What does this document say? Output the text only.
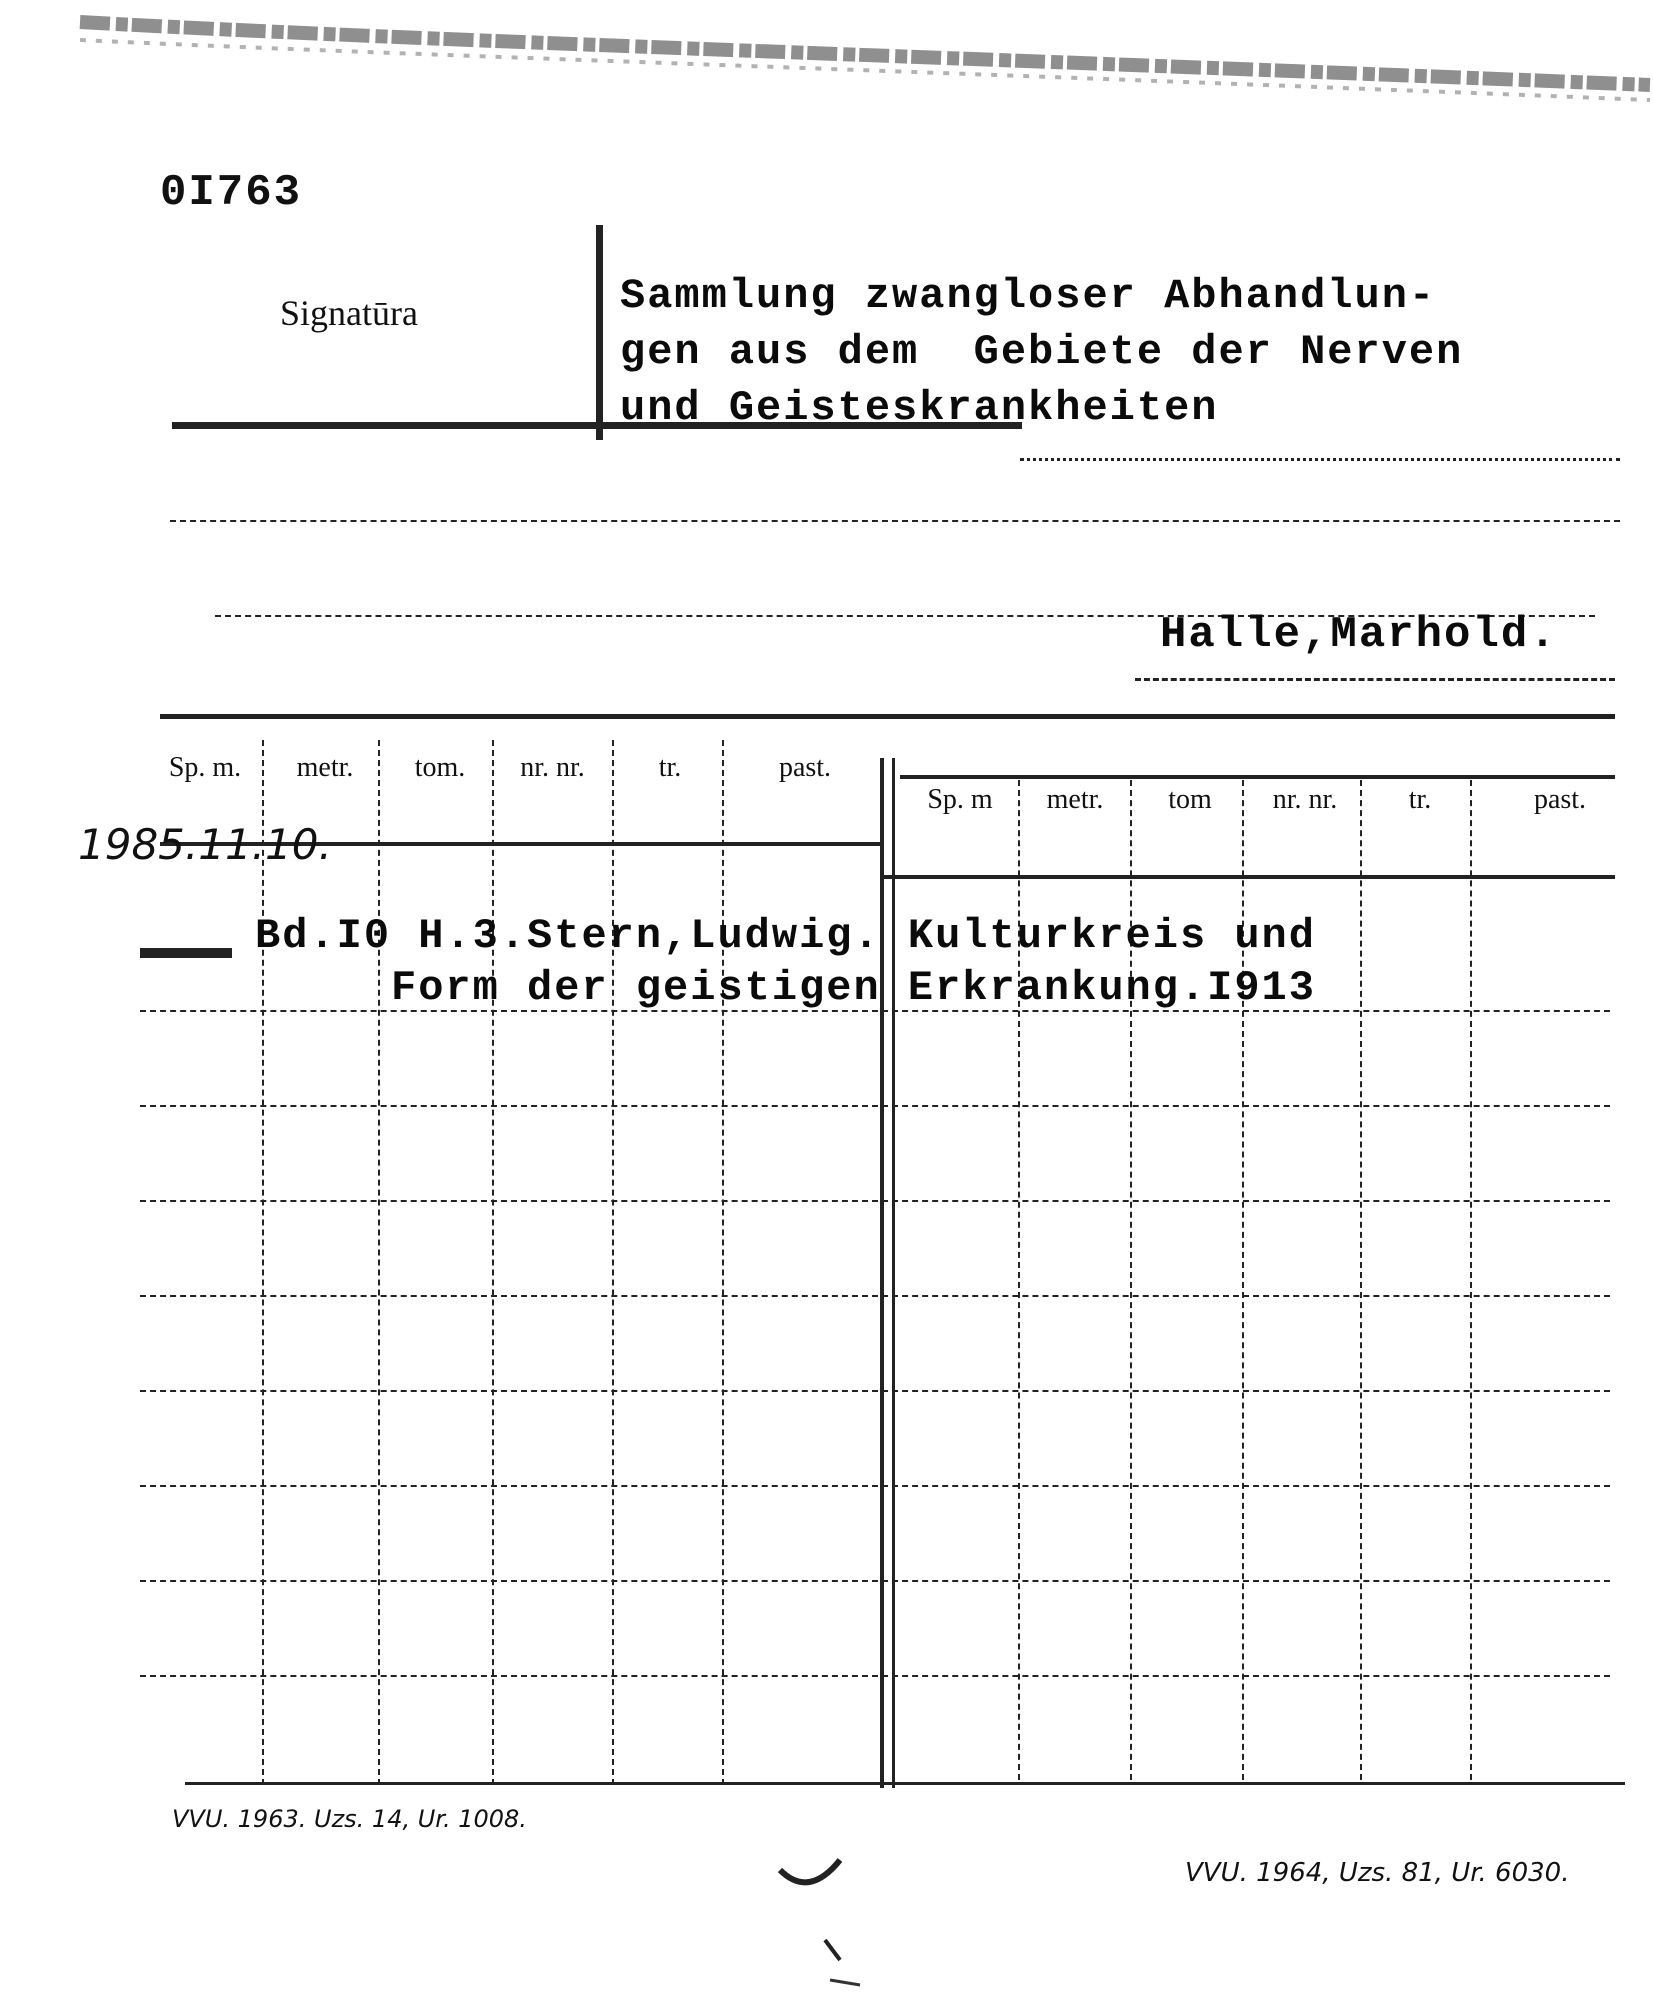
0I763
Signatūra	Sammlung zwangloser Abhandlun-
gen aus dem  Gebiete der Nerven
und Geisteskrankheiten
Halle,Marhold.
Sp. m.	metr.	tom.	nr. nr.	tr.	past.
Sp. m	metr.	tom	nr. nr.	tr.	past.
1985.11.10.
Bd.I0 H.3.Stern,Ludwig. Kulturkreis und
Form der geistigen Erkrankung.I913
VVU. 1963. Uzs. 14, Ur. 1008.
VVU. 1964, Uzs. 81, Ur. 6030.
